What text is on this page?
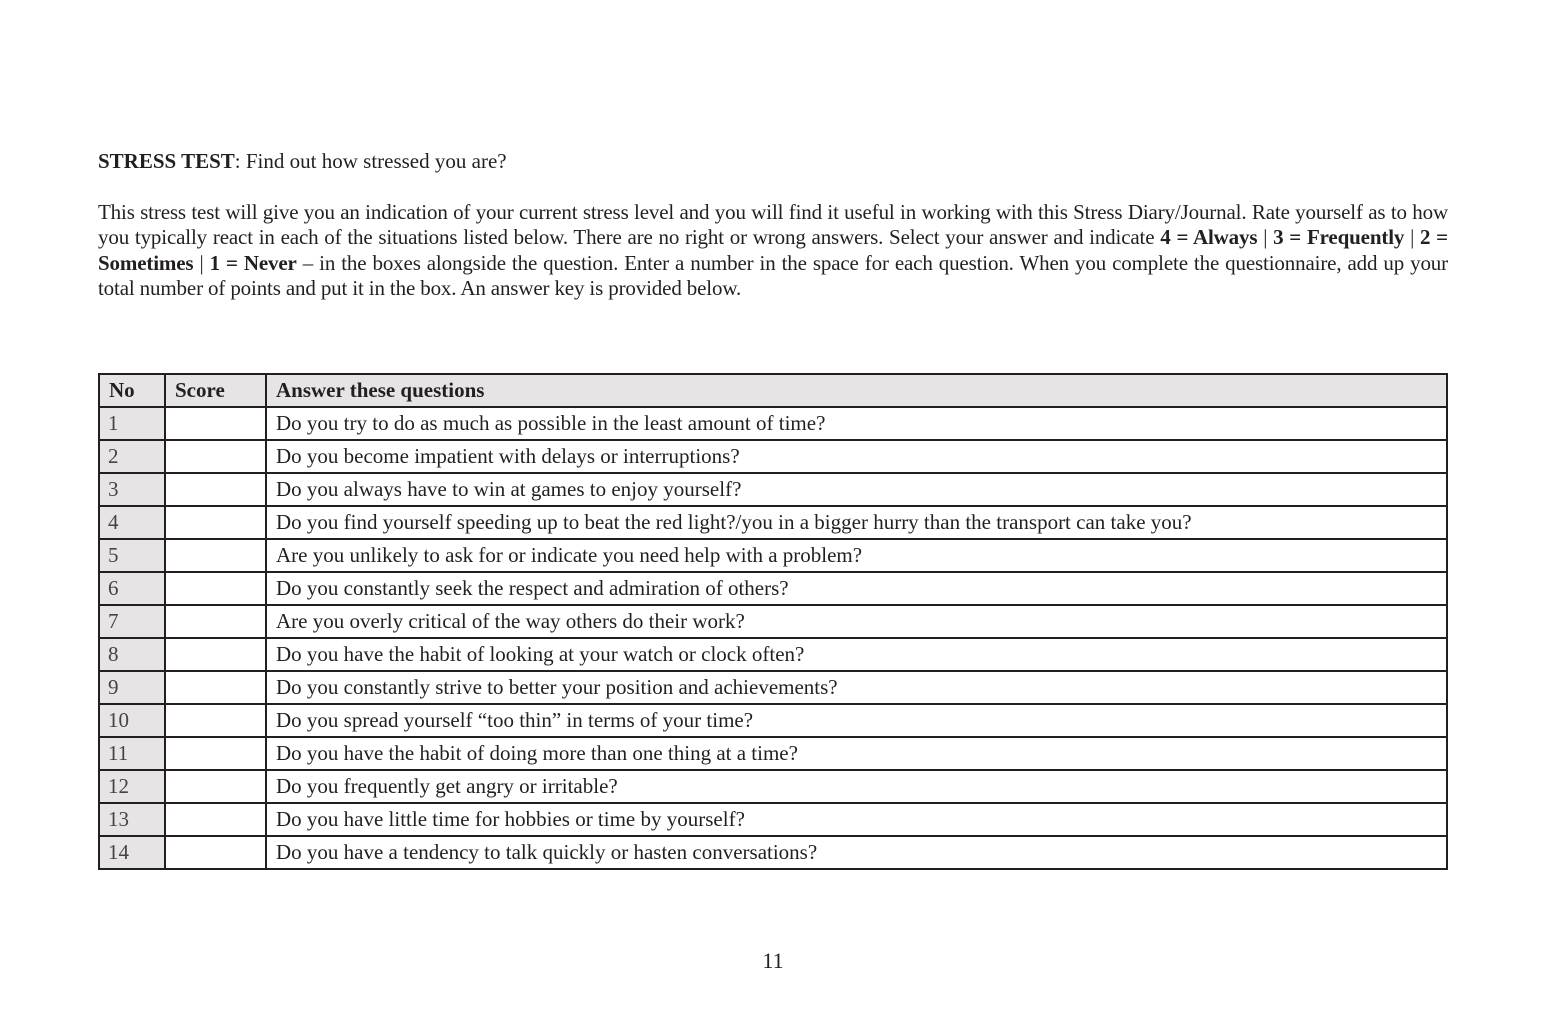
STRESS TEST: Find out how stressed you are?
This stress test will give you an indication of your current stress level and you will find it useful in working with this Stress Diary/Journal. Rate yourself as to how you typically react in each of the situations listed below. There are no right or wrong answers. Select your answer and indicate 4 = Always | 3 = Frequently | 2 = Sometimes | 1 = Never – in the boxes alongside the question. Enter a number in the space for each question. When you complete the questionnaire, add up your total number of points and put it in the box. An answer key is provided below.
No	Score	Answer these questions
1		Do you try to do as much as possible in the least amount of time?
2		Do you become impatient with delays or interruptions?
3		Do you always have to win at games to enjoy yourself?
4		Do you find yourself speeding up to beat the red light?/you in a bigger hurry than the transport can take you?
5		Are you unlikely to ask for or indicate you need help with a problem?
6		Do you constantly seek the respect and admiration of others?
7		Are you overly critical of the way others do their work?
8		Do you have the habit of looking at your watch or clock often?
9		Do you constantly strive to better your position and achievements?
10		Do you spread yourself “too thin” in terms of your time?
11		Do you have the habit of doing more than one thing at a time?
12		Do you frequently get angry or irritable?
13		Do you have little time for hobbies or time by yourself?
14		Do you have a tendency to talk quickly or hasten conversations?
11
